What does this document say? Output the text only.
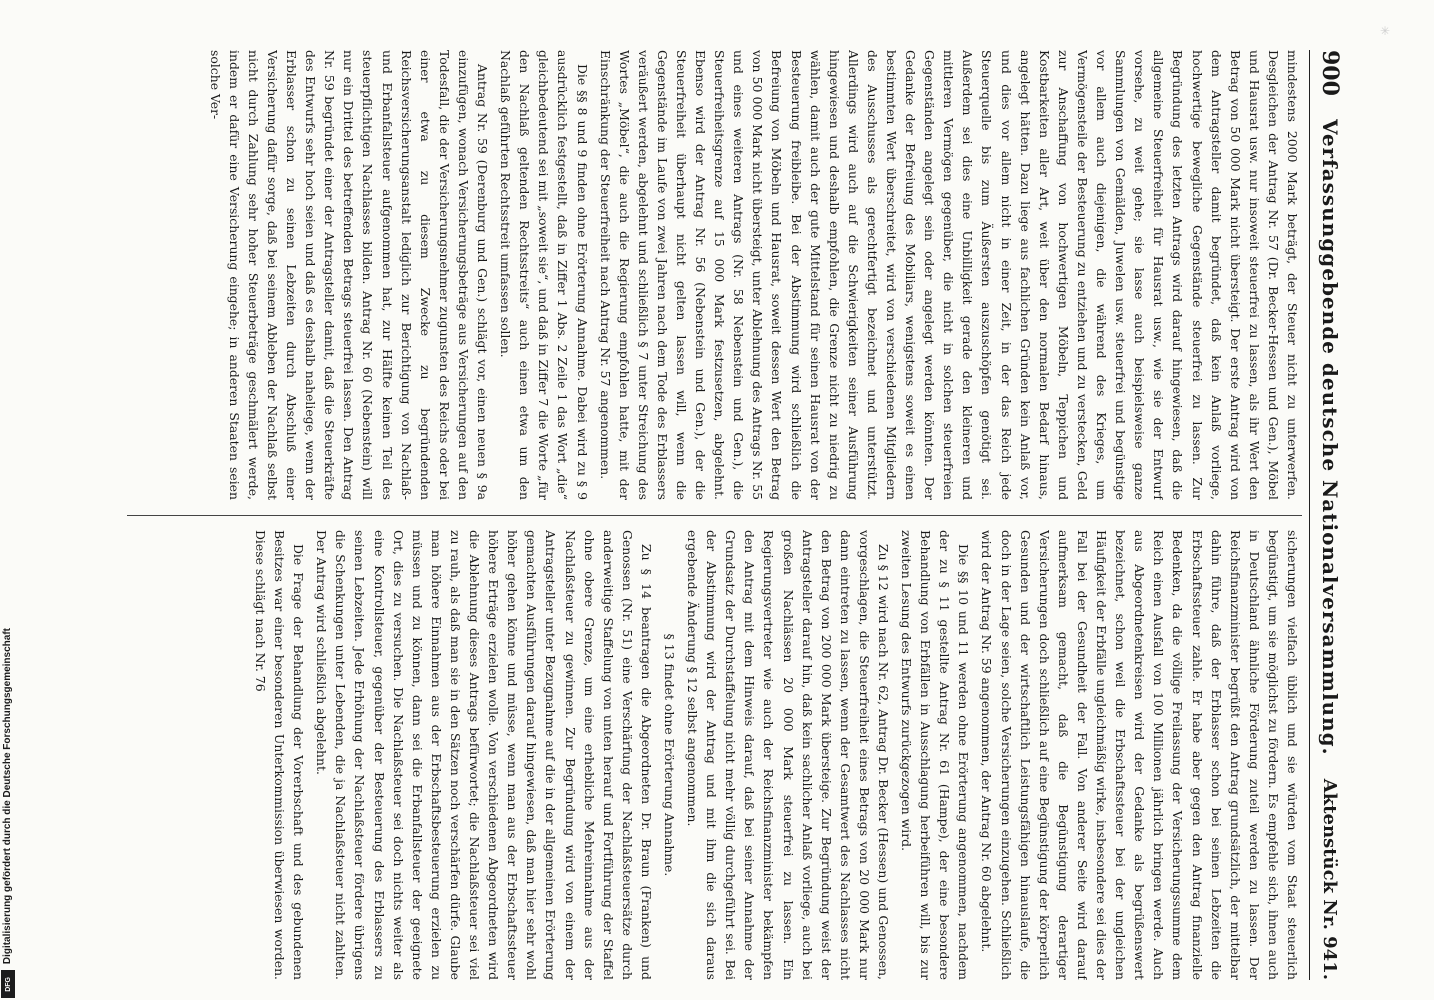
✳
900
Verfassunggebende deutsche Nationalversammlung.
Aktenstück Nr. 941.

mindestens 2000 Mark beträgt, der Steuer nicht zu unterwerfen. Desgleichen der Antrag Nr. 57 (Dr. Becker-Hessen und Gen.), Möbel und Hausrat usw. nur insoweit steuerfrei zu lassen, als ihr Wert den Betrag von 50 000 Mark nicht übersteigt. Der erste Antrag wird von dem Antragsteller damit begründet, daß kein Anlaß vorliege, hochwertige bewegliche Gegenstände steuerfrei zu lassen. Zur Begründung des letzten Antrags wird darauf hingewiesen, daß die allgemeine Steuerfreiheit für Hausrat usw., wie sie der Entwurf vorsehe, zu weit gehe; sie lasse auch beispielsweise ganze Sammlungen von Gemälden, Juwelen usw. steuerfrei und begünstige vor allem auch diejenigen, die während des Krieges, um Vermögensteile der Besteuerung zu entziehen und zu verstecken, Geld zur Anschaffung von hochwertigen Möbeln, Teppichen und Kostbarkeiten aller Art, weit über den normalen Bedarf hinaus, angelegt hätten. Dazu liege aus fachlichen Gründen kein Anlaß vor, und dies vor allem nicht in einer Zeit, in der das Reich jede Steuerquelle bis zum Äußersten auszuschöpfen genötigt sei. Außerdem sei dies eine Unbilligkeit gerade den kleineren und mittleren Vermögen gegenüber, die nicht in solchen steuerfreien Gegenständen angelegt sein oder angelegt werden könnten. Der Gedanke der Befreiung des Mobiliars, wenigstens soweit es einen bestimmten Wert überschreitet, wird von verschiedenen Mitgliedern des Ausschusses als gerechtfertigt bezeichnet und unterstützt. Allerdings wird auch auf die Schwierigkeiten seiner Ausführung hingewiesen und deshalb empfohlen, die Grenze nicht zu niedrig zu wählen, damit auch der gute Mittelstand für seinen Hausrat von der Besteuerung freibleibe. Bei der Abstimmung wird schließlich die Befreiung von Möbeln und Hausrat, soweit dessen Wert den Betrag von 50 000 Mark nicht übersteigt, unter Ablehnung des Antrags Nr. 55 und eines weiteren Antrags (Nr. 58 Nebenstein und Gen.), die Steuerfreiheitsgrenze auf 15 000 Mark festzusetzen, abgelehnt. Ebenso wird der Antrag Nr. 56 (Nebenstein und Gen.), der die Steuerfreiheit überhaupt nicht gelten lassen will, wenn die Gegenstände im Laufe von zwei Jahren nach dem Tode des Erblassers veräußert werden, abgelehnt und schließlich § 7 unter Streichung des Wortes „Möbel“, die auch die Regierung empfohlen hatte, mit der Einschränkung der Steuerfreiheit nach Antrag Nr. 57 angenommen.

Die §§ 8 und 9 finden ohne Erörterung Annahme. Dabei wird zu § 9 ausdrücklich festgestellt, daß in Ziffer 1 Abs. 2 Zeile 1 das Wort „die“ gleichbedeutend sei mit „soweit sie“, und daß in Ziffer 7 die Worte „für den Nachlaß geltenden Rechtsstreits“ auch einen etwa um den Nachlaß geführten Rechtsstreit umfassen sollen.

Antrag Nr. 59 (Derenburg und Gen.) schlägt vor, einen neuen § 9a einzufügen, wonach Versicherungsbeträge aus Versicherungen auf den Todesfall, die der Versicherungsnehmer zugunsten des Reichs oder bei einer etwa zu diesem Zwecke zu begründenden Reichsversicherungsanstalt lediglich zur Berichtigung von Nachlaß- und Erbanfallsteuer aufgenommen hat, zur Hälfte keinen Teil des steuerpflichtigen Nachlasses bilden. Antrag Nr. 60 (Nebenstein) will nur ein Drittel des betreffenden Betrags steuerfrei lassen. Den Antrag Nr. 59 begründet einer der Antragsteller damit, daß die Steuerkräfte des Entwurfs sehr hoch seien und daß es deshalb naheliege, wenn der Erblasser schon zu seinen Lebzeiten durch Abschluß einer Versicherung dafür sorge, daß bei seinem Ableben der Nachlaß selbst nicht durch Zahlung sehr hoher Steuerbeträge geschmälert werde, indem er dafür eine Versicherung eingehe; in anderen Staaten seien solche Ver-

sicherungen vielfach üblich und sie würden vom Staat steuerlich begünstigt, um sie möglichst zu fördern. Es empfehle sich, ihnen auch in Deutschland ähnliche Förderung zuteil werden zu lassen. Der Reichsfinanzminister begrüßt den Antrag grundsätzlich, der mittelbar dahin führe, daß der Erblasser schon bei seinen Lebzeiten die Erbschaftssteuer zahle. Er habe aber gegen den Antrag finanzielle Bedenken, da die völlige Freilassung der Versicherungssumme dem Reich einen Ausfall von 100 Millionen jährlich bringen werde. Auch aus Abgeordnetenkreisen wird der Gedanke als begrüßenswert bezeichnet, schon weil die Erbschaftssteuer bei der ungleichen Häufigkeit der Erbfälle ungleichmäßig wirke, insbesondere sei dies der Fall bei der Gesundheit der Fall. Von anderer Seite wird darauf aufmerksam gemacht, daß die Begünstigung derartiger Versicherungen doch schließlich auf eine Begünstigung der körperlich Gesunden und der wirtschaftlich Leistungsfähigen hinauslaufe, die doch in der Lage seien, solche Versicherungen einzugehen. Schließlich wird der Antrag Nr. 59 angenommen, der Antrag Nr. 60 abgelehnt.

Die §§ 10 und 11 werden ohne Erörterung angenommen, nachdem der zu § 11 gestellte Antrag Nr. 61 (Hampe), der eine besondere Behandlung von Erbfällen in Ausschlagung herbeiführen will, bis zur zweiten Lesung des Entwurfs zurückgezogen wird.

Zu § 12 wird nach Nr. 62, Antrag Dr. Becker (Hessen) und Genossen, vorgeschlagen, die Steuerfreiheit eines Betrags von 20 000 Mark nur dann eintreten zu lassen, wenn der Gesamtwert des Nachlasses nicht den Betrag von 200 000 Mark übersteige. Zur Begründung weist der Antragsteller darauf hin, daß kein sachlicher Anlaß vorliege, auch bei großen Nachlässen 20 000 Mark steuerfrei zu lassen. Ein Regierungsvertreter wie auch der Reichsfinanzminister bekämpfen den Antrag mit dem Hinweis darauf, daß bei seiner Annahme der Grundsatz der Durchstaffelung nicht mehr völlig durchgeführt sei. Bei der Abstimmung wird der Antrag und mit ihm die sich daraus ergebende Änderung § 12 selbst angenommen.

§ 13 findet ohne Erörterung Annahme.

Zu § 14 beantragen die Abgeordneten Dr. Braun (Franken) und Genossen (Nr. 51) eine Verschärfung der Nachlaßsteuersätze durch anderweitige Staffelung von unten herauf und Fortführung der Staffel ohne obere Grenze, um eine erhebliche Mehreinnahme aus der Nachlaßsteuer zu gewinnen. Zur Begründung wird von einem der Antragsteller unter Bezugnahme auf die in der allgemeinen Erörterung gemachten Ausführungen darauf hingewiesen, daß man hier sehr wohl höher gehen könne und müsse, wenn man aus der Erbschaftssteuer höhere Erträge erzielen wolle. Von verschiedenen Abgeordneten wird die Ablehnung dieses Antrags befürwortet; die Nachlaßsteuer sei viel zu rauh, als daß man sie in den Sätzen noch verschärfen dürfe. Glaube man höhere Einnahmen aus der Erbschaftsbesteuerung erzielen zu müssen und zu können, dann sei die Erbanfallsteuer der geeignete Ort, dies zu versuchen. Die Nachlaßsteuer sei doch nichts weiter als eine Kontrollsteuer, gegenüber der Besteuerung des Erblassers zu seinen Lebzeiten. Jede Erhöhung der Nachlaßsteuer fördere übrigens die Schenkungen unter Lebenden, die ja Nachlaßsteuer nicht zahlten. Der Antrag wird schließlich abgelehnt.

Die Frage der Behandlung der Vorerbschaft und des gebundenen Besitzes war einer besonderen Unterkommission überwiesen worden. Diese schlägt nach Nr. 76

Digitalisierung gefördert durch die Deutsche Forschungsgemeinschaft
DFG
